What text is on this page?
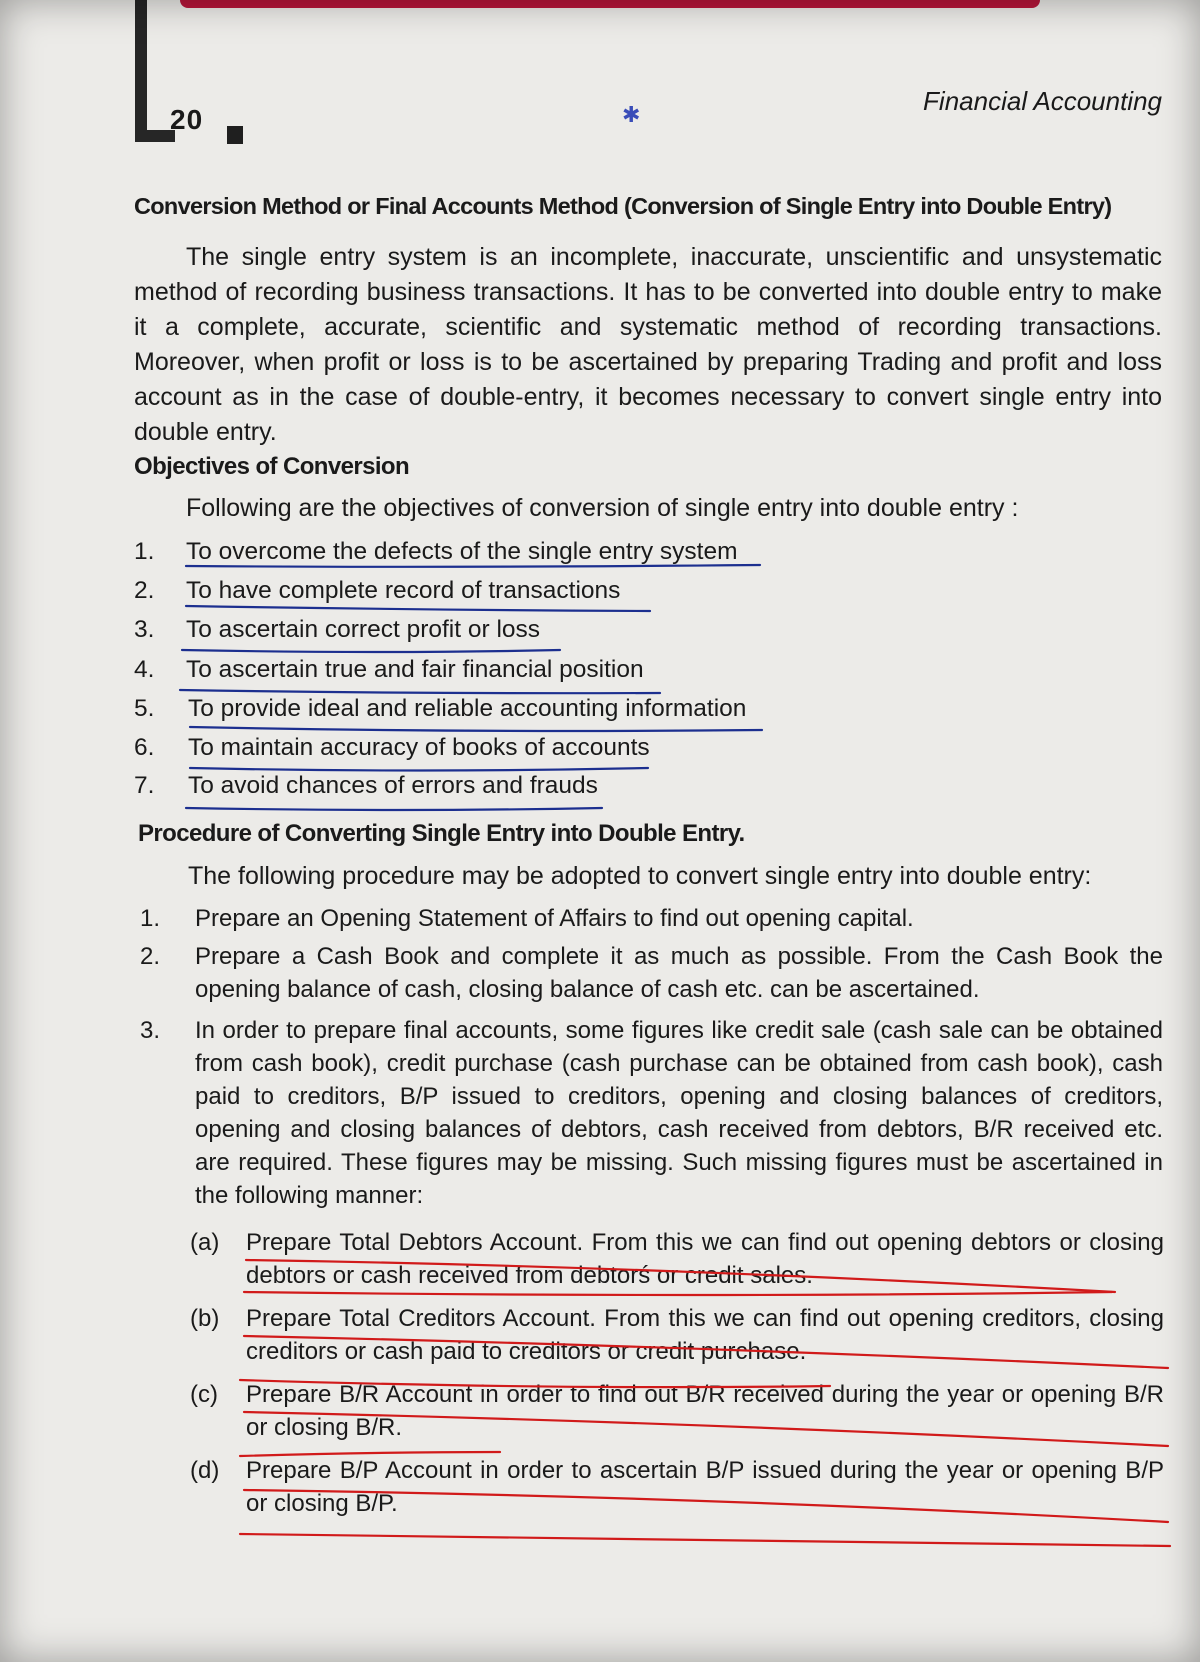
20	✱	Financial Accounting
Conversion Method or Final Accounts Method (Conversion of Single Entry into Double Entry)
The single entry system is an incomplete, inaccurate, unscientific and unsystematic method of recording business transactions. It has to be converted into double entry to make it a complete, accurate, scientific and systematic method of recording transactions. Moreover, when profit or loss is to be ascertained by preparing Trading and profit and loss account as in the case of double-entry, it becomes necessary to convert single entry into double entry.
Objectives of Conversion
Following are the objectives of conversion of single entry into double entry :
1. To overcome the defects of the single entry system
2. To have complete record of transactions
3. To ascertain correct profit or loss
4. To ascertain true and fair financial position
5. To provide ideal and reliable accounting information
6. To maintain accuracy of books of accounts
7. To avoid chances of errors and frauds
Procedure of Converting Single Entry into Double Entry.
The following procedure may be adopted to convert single entry into double entry:
1. Prepare an Opening Statement of Affairs to find out opening capital.
2. Prepare a Cash Book and complete it as much as possible. From the Cash Book the opening balance of cash, closing balance of cash etc. can be ascertained.
3. In order to prepare final accounts, some figures like credit sale (cash sale can be obtained from cash book), credit purchase (cash purchase can be obtained from cash book), cash paid to creditors, B/P issued to creditors, opening and closing balances of creditors, opening and closing balances of debtors, cash received from debtors, B/R received etc. are required. These figures may be missing. Such missing figures must be ascertained in the following manner:
(a) Prepare Total Debtors Account. From this we can find out opening debtors or closing debtors or cash received from debtorś or credit sales.
(b) Prepare Total Creditors Account. From this we can find out opening creditors, closing creditors or cash paid to creditors or credit purchase.
(c) Prepare B/R Account in order to find out B/R received during the year or opening B/R or closing B/R.
(d) Prepare B/P Account in order to ascertain B/P issued during the year or opening B/P or closing B/P.
